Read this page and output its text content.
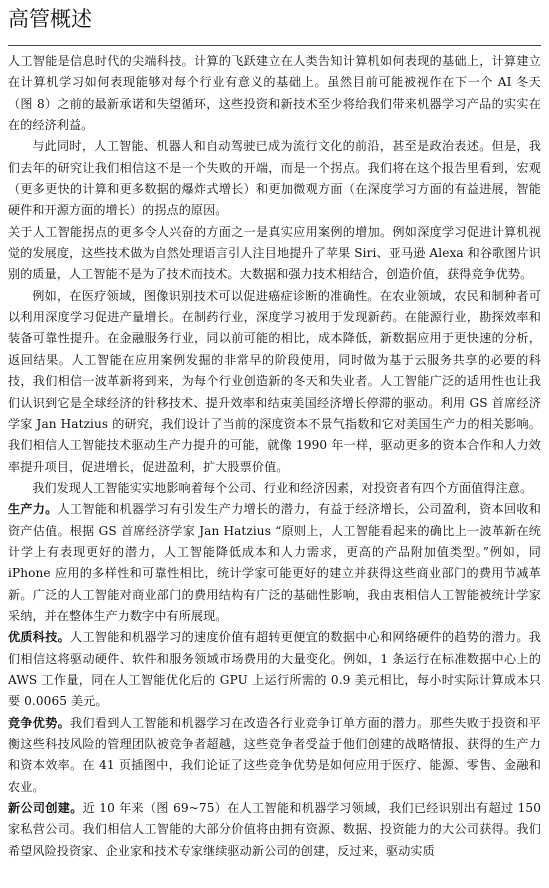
高管概述

人工智能是信息时代的尖端科技。计算的飞跃建立在人类告知计算机如何表现的基础上，计算建立在计算机学习如何表现能够对每个行业有意义的基础上。虽然目前可能被视作在下一个 AI 冬天（图 8）之前的最新承诺和失望循环，这些投资和新技术至少将给我们带来机器学习产品的实实在在的经济利益。

与此同时，人工智能、机器人和自动驾驶已成为流行文化的前沿，甚至是政治表述。但是，我们去年的研究让我们相信这不是一个失败的开端，而是一个拐点。我们将在这个报告里看到，宏观（更多更快的计算和更多数据的爆炸式增长）和更加微观方面（在深度学习方面的有益进展，智能硬件和开源方面的增长）的拐点的原因。

关于人工智能拐点的更多令人兴奋的方面之一是真实应用案例的增加。例如深度学习促进计算机视觉的发展度，这些技术做为自然处理语言引人注目地提升了苹果 Siri、亚马逊 Alexa 和谷歌图片识别的质量，人工智能不是为了技术而技术。大数据和强力技术相结合，创造价值，获得竞争优势。

例如，在医疗领域，图像识别技术可以促进癌症诊断的准确性。在农业领域，农民和制种者可以利用深度学习促进产量增长。在制药行业，深度学习被用于发现新药。在能源行业，勘探效率和装备可靠性提升。在金融服务行业，同以前可能的相比，成本降低，新数据应用于更快速的分析，返回结果。人工智能在应用案例发掘的非常早的阶段使用，同时做为基于云服务共享的必要的科技，我们相信一波革新将到来，为每个行业创造新的冬天和失业者。人工智能广泛的适用性也让我们认识到它是全球经济的针移技术、提升效率和结束美国经济增长停滞的驱动。利用 GS 首席经济学家 Jan Hatzius 的研究，我们设计了当前的深度资本不景气指数和它对美国生产力的相关影响。我们相信人工智能技术驱动生产力提升的可能，就像 1990 年一样，驱动更多的资本合作和人力效率提升项目，促进增长，促进盈利，扩大股票价值。

我们发现人工智能实实地影响着每个公司、行业和经济因素，对投资者有四个方面值得注意。

生产力。人工智能和机器学习有引发生产力增长的潜力，有益于经济增长，公司盈利，资本回收和资产估值。根据 GS 首席经济学家 Jan Hatzius “原则上，人工智能看起来的确比上一波革新在统计学上有表现更好的潜力，人工智能降低成本和人力需求，更高的产品附加值类型。”例如，同 iPhone 应用的多样性和可靠性相比，统计学家可能更好的建立并获得这些商业部门的费用节减革新。广泛的人工智能对商业部门的费用结构有广泛的基础性影响，我由衷相信人工智能被统计学家采纳，并在整体生产力数字中有所展现。

优质科技。人工智能和机器学习的速度价值有超转更便宜的数据中心和网络硬件的趋势的潜力。我们相信这将驱动硬件、软件和服务领域市场费用的大量变化。例如，1 条运行在标准数据中心上的 AWS 工作量，同在人工智能优化后的 GPU 上运行所需的 0.9 美元相比，每小时实际计算成本只要 0.0065 美元。

竞争优势。我们看到人工智能和机器学习在改造各行业竞争订单方面的潜力。那些失败于投资和平衡这些科技风险的管理团队被竞争者超越，这些竞争者受益于他们创建的战略情报、获得的生产力和资本效率。在 41 页插图中，我们论证了这些竞争优势是如何应用于医疗、能源、零售、金融和农业。

新公司创建。近 10 年来（图 69~75）在人工智能和机器学习领域，我们已经识别出有超过 150 家私营公司。我们相信人工智能的大部分价值将由拥有资源、数据、投资能力的大公司获得。我们希望风险投资家、企业家和技术专家继续驱动新公司的创建，反过来，驱动实质
